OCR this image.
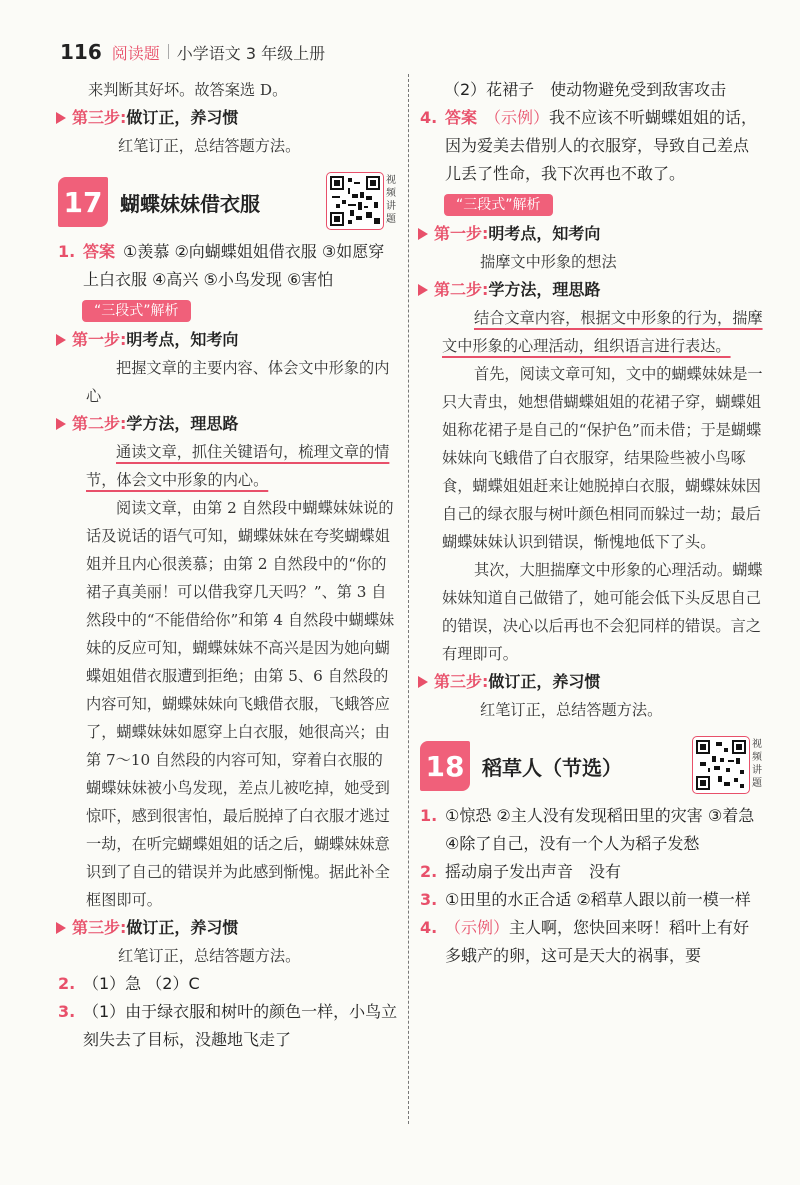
116 阅读题 小学语文 3 年级上册
来判断其好坏。故答案选 D。
第三步: 做订正，养习惯
红笔订正，总结答题方法。
17 蝴蝶妹妹借衣服
视频讲题
1. 答案 ①羡慕 ②向蝴蝶姐姐借衣服 ③如愿穿上白衣服 ④高兴 ⑤小鸟发现 ⑥害怕
“三段式”解析
第一步: 明考点，知考向
把握文章的主要内容、体会文中形象的内心
第二步: 学方法，理思路
通读文章，抓住关键语句，梳理文章的情节，体会文中形象的内心。
阅读文章，由第 2 自然段中蝴蝶妹妹说的话及说话的语气可知，蝴蝶妹妹在夸奖蝴蝶姐姐并且内心很羡慕；由第 2 自然段中的“你的裙子真美丽！可以借我穿几天吗？”、第 3 自然段中的“不能借给你”和第 4 自然段中蝴蝶妹妹的反应可知，蝴蝶妹妹不高兴是因为她向蝴蝶姐姐借衣服遭到拒绝；由第 5、6 自然段的内容可知，蝴蝶妹妹向飞蛾借衣服，飞蛾答应了，蝴蝶妹妹如愿穿上白衣服，她很高兴；由第 7～10 自然段的内容可知，穿着白衣服的蝴蝶妹妹被小鸟发现，差点儿被吃掉，她受到惊吓，感到很害怕，最后脱掉了白衣服才逃过一劫，在听完蝴蝶姐姐的话之后，蝴蝶妹妹意识到了自己的错误并为此感到惭愧。据此补全框图即可。
第三步: 做订正，养习惯
红笔订正，总结答题方法。
2. （1）急 （2）C
3. （1）由于绿衣服和树叶的颜色一样，小鸟立刻失去了目标，没趣地飞走了
（2）花裙子　使动物避免受到敌害攻击
4. 答案 （示例）我不应该不听蝴蝶姐姐的话，因为爱美去借别人的衣服穿，导致自己差点儿丢了性命，我下次再也不敢了。
“三段式”解析
第一步: 明考点，知考向
揣摩文中形象的想法
第二步: 学方法，理思路
结合文章内容，根据文中形象的行为，揣摩文中形象的心理活动，组织语言进行表达。
首先，阅读文章可知，文中的蝴蝶妹妹是一只大青虫，她想借蝴蝶姐姐的花裙子穿，蝴蝶姐姐称花裙子是自己的“保护色”而未借；于是蝴蝶妹妹向飞蛾借了白衣服穿，结果险些被小鸟啄食，蝴蝶姐姐赶来让她脱掉白衣服，蝴蝶妹妹因自己的绿衣服与树叶颜色相同而躲过一劫；最后蝴蝶妹妹认识到错误，惭愧地低下了头。
其次，大胆揣摩文中形象的心理活动。蝴蝶妹妹知道自己做错了，她可能会低下头反思自己的错误，决心以后再也不会犯同样的错误。言之有理即可。
第三步: 做订正，养习惯
红笔订正，总结答题方法。
18 稻草人（节选）
视频讲题
1. ①惊恐 ②主人没有发现稻田里的灾害 ③着急 ④除了自己，没有一个人为稻子发愁
2. 摇动扇子发出声音　没有
3. ①田里的水正合适 ②稻草人跟以前一模一样
4. （示例）主人啊，您快回来呀！稻叶上有好多蛾产的卵，这可是天大的祸事，要
